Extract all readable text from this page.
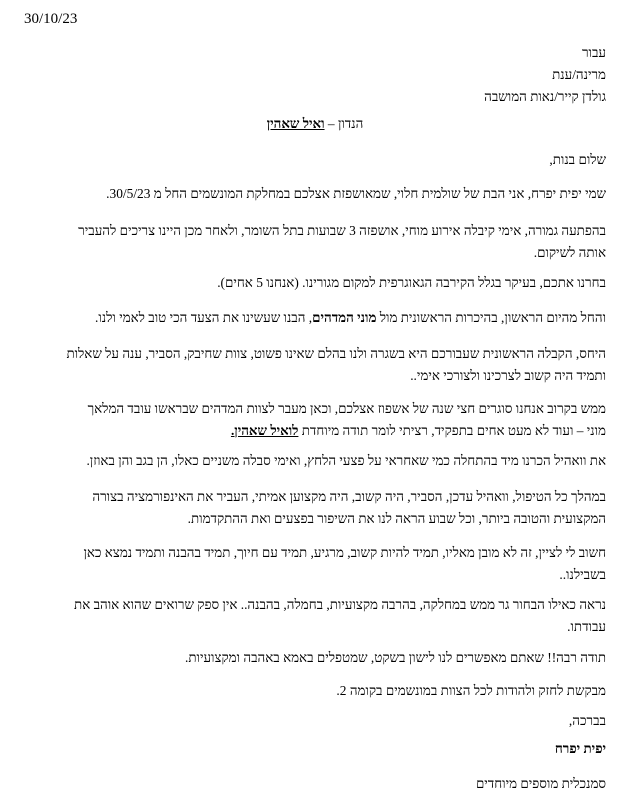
30/10/23
עבור
מרינה/ענת
גולדן קייר/נאות המושבה
הנדון – ואיל שאהין
שלום בנות,
שמי יפית יפרח, אני הבת של שולמית חלוי, שמאושפזת אצלכם במחלקת המונשמים החל מ 30/5/23.
בהפתעה גמורה, אימי קיבלה אירוע מוחי, אושפזה 3 שבועות בתל השומר, ולאחר מכן היינו צריכים להעביר
אותה לשיקום.
בחרנו אתכם, בעיקר בגלל הקירבה הגאוגרפית למקום מגורינו. (אנחנו 5 אחים).
והחל מהיום הראשון, בהיכרות הראשונית מול מוני המדהים, הבנו שעשינו את הצעד הכי טוב לאמי ולנו.
היחס, הקבלה הראשונית שעבורכם היא בשגרה ולנו בהלם שאינו פשוט, צוות שחיבק, הסביר, ענה על שאלות
ותמיד היה קשוב לצרכינו ולצורכי אימי..
ממש בקרוב אנחנו סוגרים חצי שנה של אשפוז אצלכם, וכאן מעבר לצוות המדהים שבראשו עובד המלאך
מוני – ועוד לא מעט אחים בתפקיד, רציתי לומר תודה מיוחדת לואיל שאהין.
את וואהיל הכרנו מיד בהתחלה כמי שאחראי על פצעי הלחץ, ואימי סבלה משניים כאלו, הן בגב והן באוזן.
במהלך כל הטיפול, וואהיל עדכן, הסביר, היה קשוב, היה מקצוען אמיתי, העביר את האינפורמציה בצורה
המקצועית והטובה ביותר, וכל שבוע הראה לנו את השיפור בפצעים ואת ההתקדמות.
חשוב לי לציין, זה לא מובן מאליו, תמיד להיות קשוב, מרגיע, תמיד עם חיוך, תמיד בהבנה ותמיד נמצא כאן
בשבילנו..
נראה כאילו הבחור גר ממש במחלקה, בהרבה מקצועיות, בחמלה, בהבנה.. אין ספק שרואים שהוא אוהב את
עבודתו.
תודה רבה!! שאתם מאפשרים לנו לישון בשקט, שמטפלים באמא באהבה ומקצועיות.
מבקשת לחזק ולהודות לכל הצוות במונשמים בקומה 2.
בברכה,
יפית יפרח
סמנכלית מוספים מיוחדים
